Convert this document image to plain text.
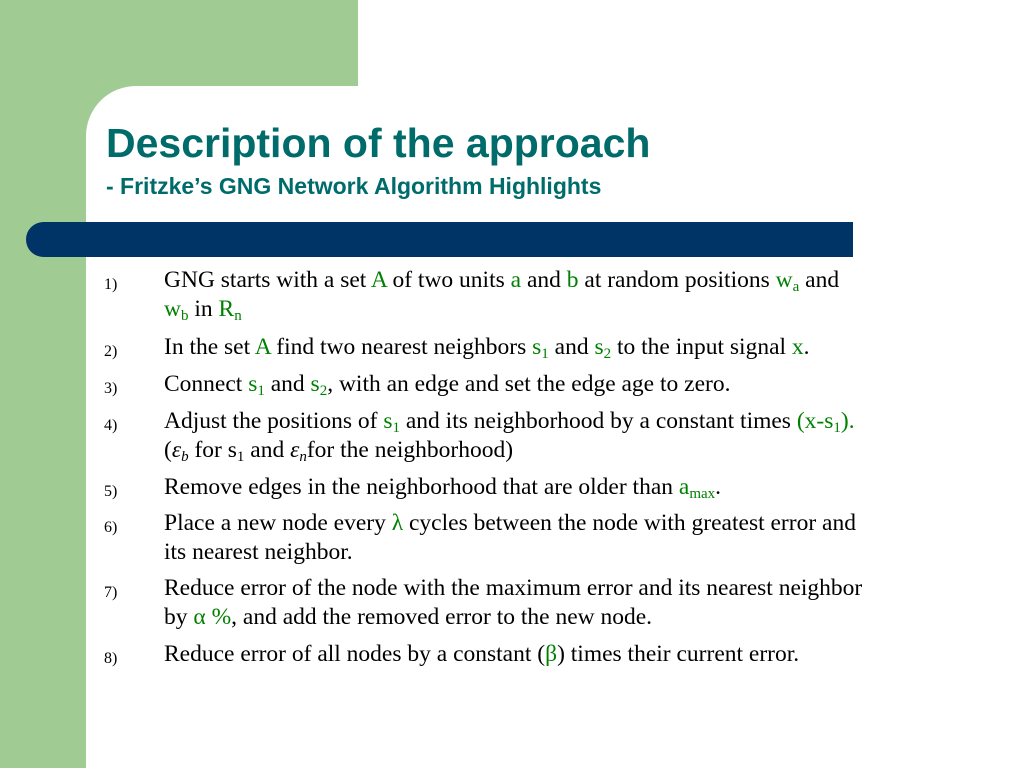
Description of the approach
- Fritzke’s GNG Network Algorithm Highlights
1)	GNG starts with a set A of two units a and b at random positions $w_a$ and
$w_b$ in $R_n$
2)	In the set A find two nearest neighbors $s_1$ and $s_2$ to the input signal x.
3)	Connect $s_1$ and $s_2$, with an edge and set the edge age to zero.
4)	Adjust the positions of $s_1$ and its neighborhood by a constant times $(x-s_1)$.
($\varepsilon_b$ for $s_1$ and $\varepsilon_nfor$ the neighborhood)
5)	Remove edges in the neighborhood that are older than $a_{max}$.
6)	Place a new node every λ cycles between the node with greatest error and
its nearest neighbor.
7)	Reduce error of the node with the maximum error and its nearest neighbor
by α %, and add the removed error to the new node.
8)	Reduce error of all nodes by a constant (β) times their current error.
